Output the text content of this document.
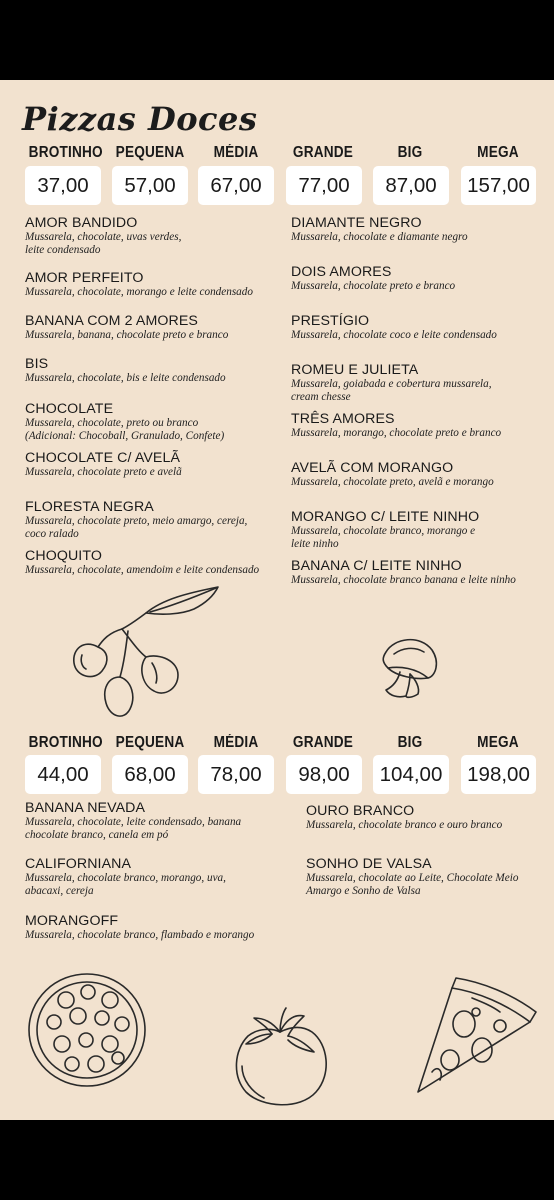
Pizzas Doces
BROTINHO PEQUENA	MÉDIA	GRANDE	BIG	MEGA
37,00	57,00	67,00	77,00	87,00	157,00
AMOR BANDIDO
Mussarela, chocolate, uvas verdes,
leite condensado
AMOR PERFEITO
Mussarela, chocolate, morango e leite condensado
BANANA COM 2 AMORES
Mussarela, banana, chocolate preto e branco
BIS
Mussarela, chocolate, bis e leite condensado
CHOCOLATE
Mussarela, chocolate, preto ou branco
(Adicional: Chocoball, Granulado, Confete)
CHOCOLATE C/ AVELÃ
Mussarela, chocolate preto e avelã
FLORESTA NEGRA
Mussarela, chocolate preto, meio amargo, cereja,
coco ralado
CHOQUITO
Mussarela, chocolate, amendoim e leite condensado
DIAMANTE NEGRO
Mussarela, chocolate e diamante negro
DOIS AMORES
Mussarela, chocolate preto e branco
PRESTÍGIO
Mussarela, chocolate coco e leite condensado
ROMEU E JULIETA
Mussarela, goiabada e cobertura mussarela,
cream chesse
TRÊS AMORES
Mussarela, morango, chocolate preto e branco
AVELÃ COM MORANGO
Mussarela, chocolate preto, avelã e morango
MORANGO C/ LEITE NINHO
Mussarela, chocolate branco, morango e
leite ninho
BANANA C/ LEITE NINHO
Mussarela, chocolate branco banana e leite ninho
BROTINHO PEQUENA	MÉDIA	GRANDE	BIG	MEGA
44,00	68,00	78,00	98,00	104,00	198,00
BANANA NEVADA
Mussarela, chocolate, leite condensado, banana
chocolate branco, canela em pó
CALIFORNIANA
Mussarela, chocolate branco, morango, uva,
abacaxi, cereja
MORANGOFF
Mussarela, chocolate branco, flambado e morango
OURO BRANCO
Mussarela, chocolate branco e ouro branco
SONHO DE VALSA
Mussarela, chocolate ao Leite, Chocolate Meio
Amargo e Sonho de Valsa
